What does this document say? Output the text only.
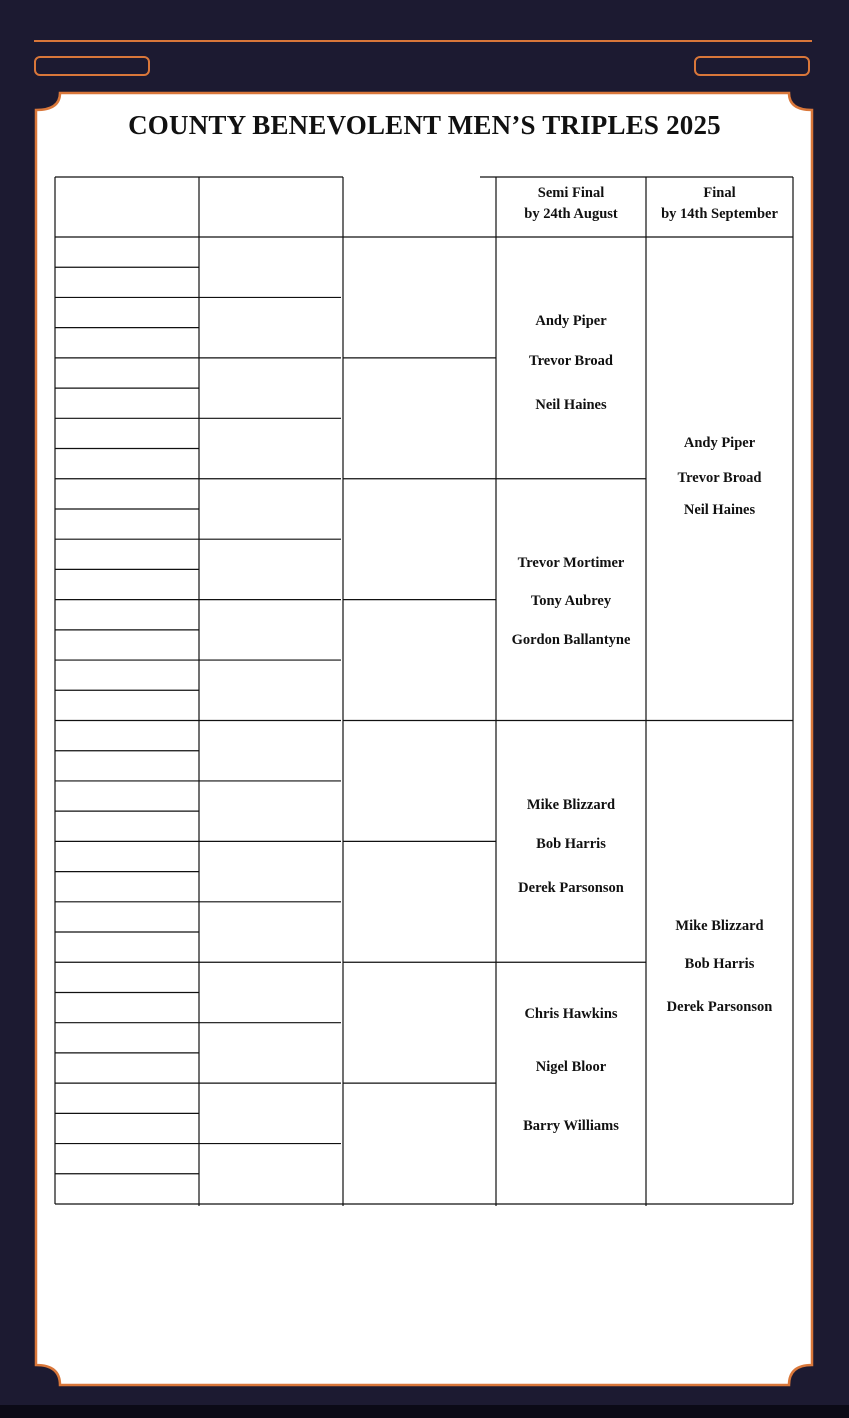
COUNTY BENEVOLENT MEN’S TRIPLES 2025
Semi Final
by 24th August
Final
by 14th September
Andy Piper
Trevor Broad
Neil Haines
Trevor Mortimer
Tony Aubrey
Gordon Ballantyne
Mike Blizzard
Bob Harris
Derek Parsonson
Chris Hawkins
Nigel Bloor
Barry Williams
Andy Piper
Trevor Broad
Neil Haines
Mike Blizzard
Bob Harris
Derek Parsonson
